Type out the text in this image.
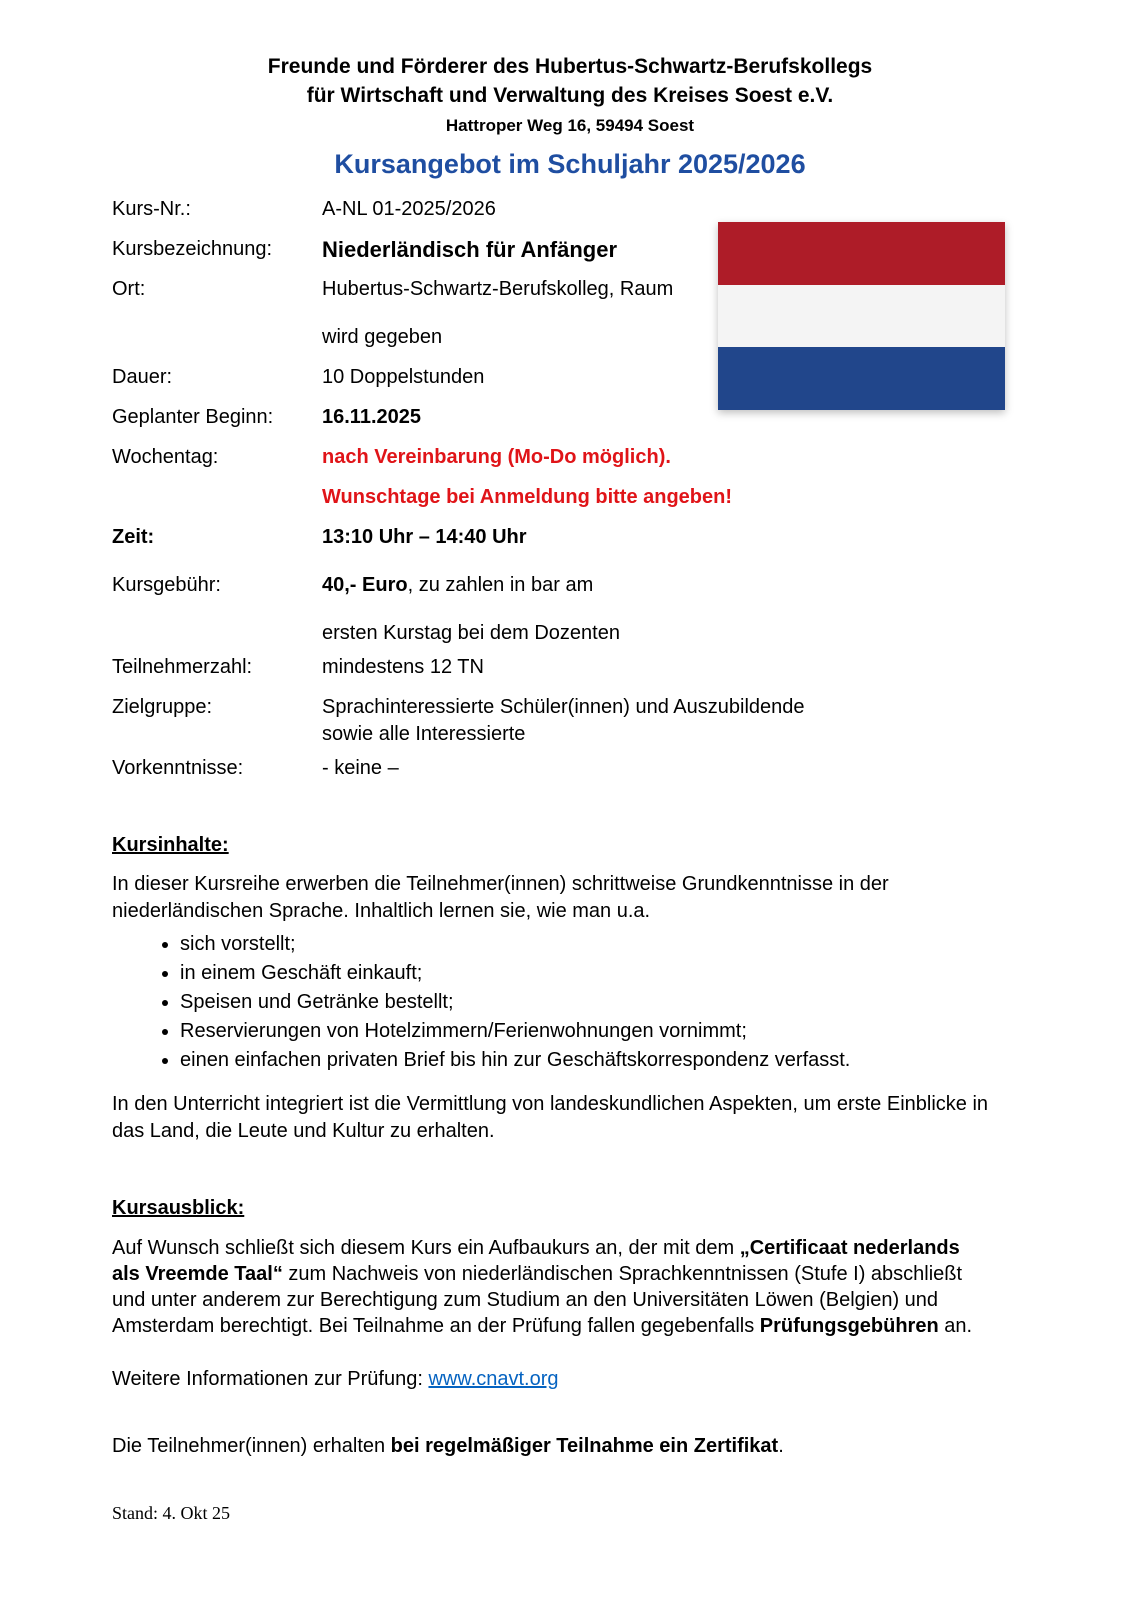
Freunde und Förderer des Hubertus-Schwartz-Berufskollegs
für Wirtschaft und Verwaltung des Kreises Soest e.V.
Hattroper Weg 16, 59494 Soest
Kursangebot im Schuljahr 2025/2026
Kurs-Nr.:	A-NL 01-2025/2026
Kursbezeichnung:	Niederländisch für Anfänger
Ort:	Hubertus-Schwartz-Berufskolleg, Raum
wird gegeben
Dauer:	10 Doppelstunden
Geplanter Beginn:	16.11.2025
Wochentag:	nach Vereinbarung (Mo-Do möglich).
Wunschtage bei Anmeldung bitte angeben!
Zeit:	13:10 Uhr – 14:40 Uhr
Kursgebühr:	40,- Euro, zu zahlen in bar am
ersten Kurstag bei dem Dozenten
Teilnehmerzahl:	mindestens 12 TN
Zielgruppe:	Sprachinteressierte Schüler(innen) und Auszubildende
sowie alle Interessierte
Vorkenntnisse:	- keine –
Kursinhalte:

In dieser Kursreihe erwerben die Teilnehmer(innen) schrittweise Grundkenntnisse in der niederländischen Sprache. Inhaltlich lernen sie, wie man u.a.

• sich vorstellt;
• in einem Geschäft einkauft;
• Speisen und Getränke bestellt;
• Reservierungen von Hotelzimmern/Ferienwohnungen vornimmt;
• einen einfachen privaten Brief bis hin zur Geschäftskorrespondenz verfasst.

In den Unterricht integriert ist die Vermittlung von landeskundlichen Aspekten, um erste Einblicke in das Land, die Leute und Kultur zu erhalten.

Kursausblick:

Auf Wunsch schließt sich diesem Kurs ein Aufbaukurs an, der mit dem „Certificaat nederlands als Vreemde Taal“ zum Nachweis von niederländischen Sprachkenntnissen (Stufe I) abschließt und unter anderem zur Berechtigung zum Studium an den Universitäten Löwen (Belgien) und Amsterdam berechtigt. Bei Teilnahme an der Prüfung fallen gegebenfalls Prüfungsgebühren an.

Weitere Informationen zur Prüfung: www.cnavt.org

Die Teilnehmer(innen) erhalten bei regelmäßiger Teilnahme ein Zertifikat.

Stand: 4. Okt 25
